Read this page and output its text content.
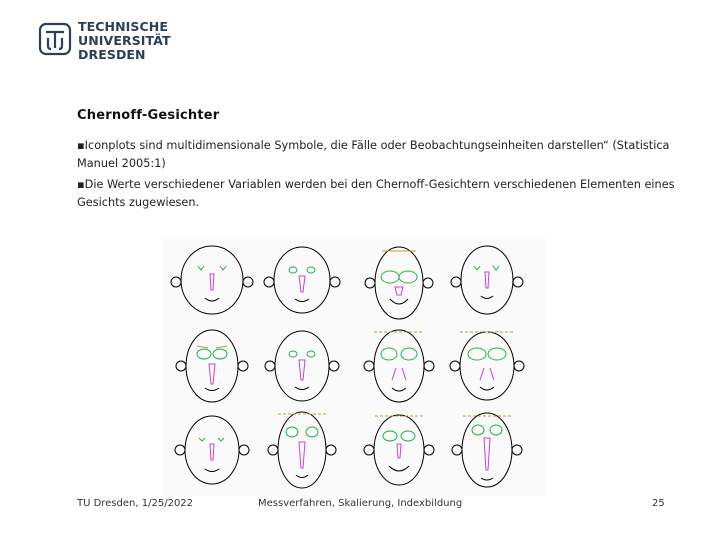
TECHNISCHE
UNIVERSITÄT
DRESDEN
Chernoff-Gesichter
▪Iconplots sind multidimensionale Symbole, die Fälle oder Beobachtungseinheiten darstellen“ (Statistica Manuel 2005:1)
▪Die Werte verschiedener Variablen werden bei den Chernoff-Gesichtern verschiedenen Elementen eines Gesichts zugewiesen.
TU Dresden, 1/25/2022	Messverfahren, Skalierung, Indexbildung	25
